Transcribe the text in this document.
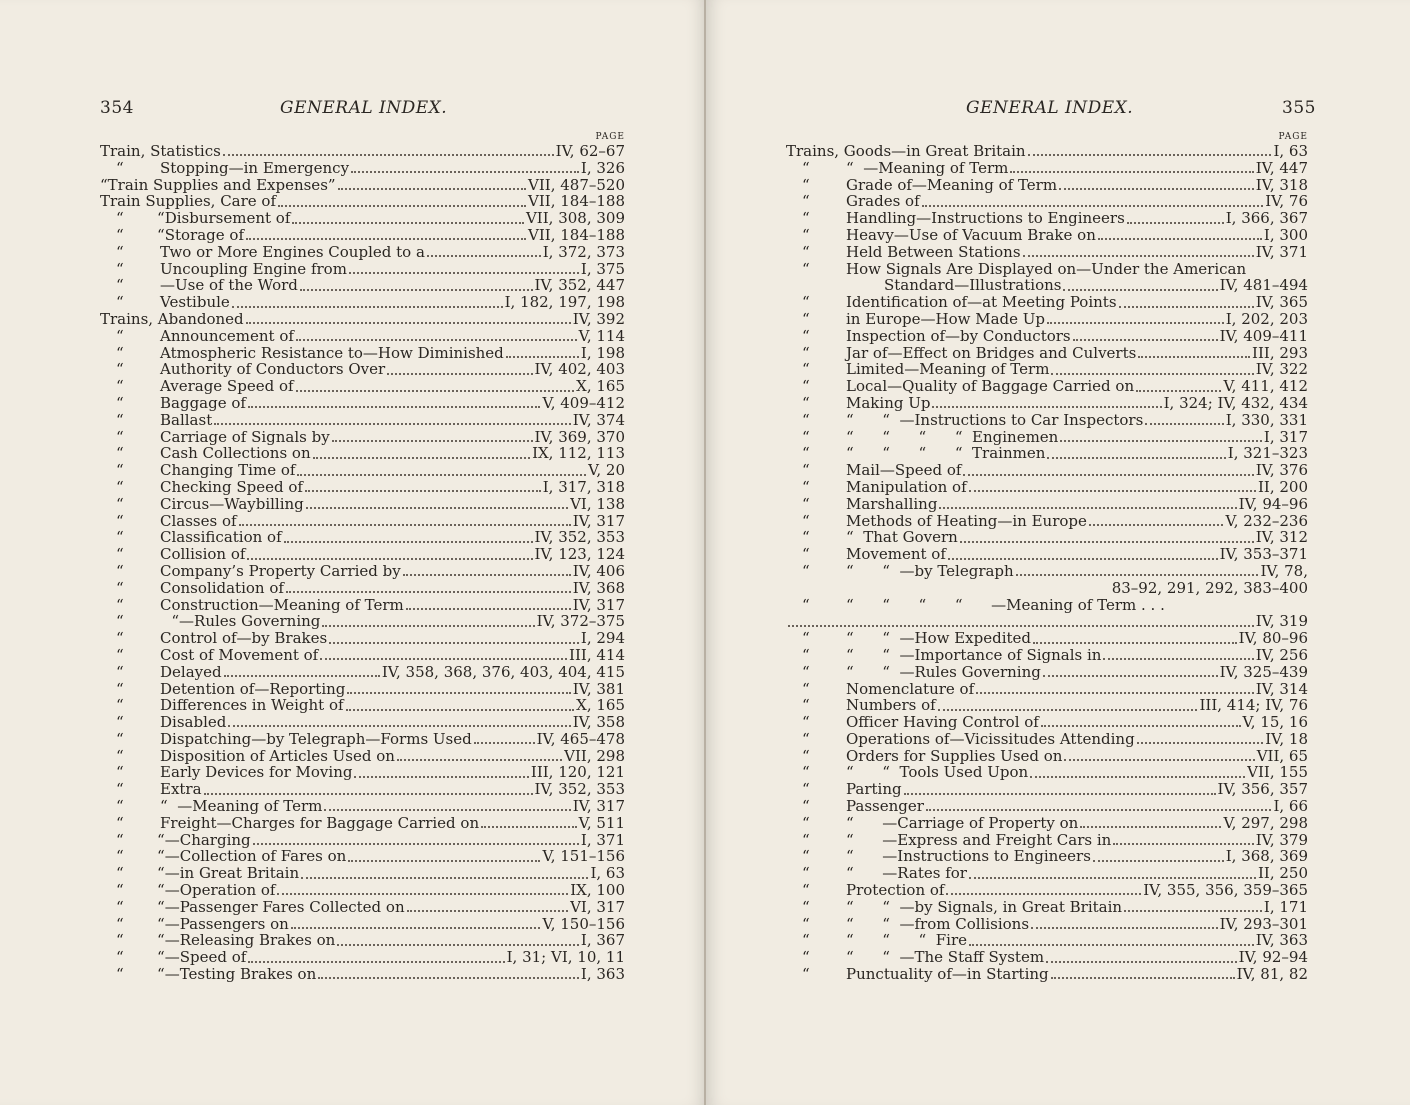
354	GENERAL INDEX.
PAGE
Train, Statistics	IV, 62–67
“	Stopping—in Emergency	I, 326
“Train Supplies and Expenses”	VII, 487–520
Train Supplies, Care of	VII, 184–188
“       “ Disbursement of	VII, 308, 309
“       “ Storage of	VII, 184–188
“	Two or More Engines Coupled to a	I, 372, 373
“	Uncoupling Engine from	I, 375
“	—Use of the Word	IV, 352, 447
“	Vestibule	I, 182, 197, 198
Trains, Abandoned	IV, 392
“	Announcement of	V, 114
“	Atmospheric Resistance to—How Diminished	I, 198
“	Authority of Conductors Over	IV, 402, 403
“	Average Speed of	X, 165
“	Baggage of	V, 409–412
“	Ballast	IV, 374
“	Carriage of Signals by	IV, 369, 370
“	Cash Collections on	IX, 112, 113
“	Changing Time of	V, 20
“	Checking Speed of	I, 317, 318
“	Circus—Waybilling	VI, 138
“	Classes of	IV, 317
“	Classification of	IV, 352, 353
“	Collision of	IV, 123, 124
“	Company’s Property Carried by	IV, 406
“	Consolidation of	IV, 368
“	Construction—Meaning of Term	IV, 317
“          “ —Rules Governing	IV, 372–375
“	Control of—by Brakes	I, 294
“	Cost of Movement of	III, 414
“	Delayed	IV, 358, 368, 376, 403, 404, 415
“	Detention of—Reporting	IV, 381
“	Differences in Weight of	X, 165
“	Disabled	IV, 358
“	Dispatching—by Telegraph—Forms Used	IV, 465–478
“	Disposition of Articles Used on	VII, 298
“	Early Devices for Moving	III, 120, 121
“	Extra	IV, 352, 353
“	“  —Meaning of Term	IV, 317
“	Freight—Charges for Baggage Carried on	V, 511
“       “ —Charging	I, 371
“       “ —Collection of Fares on	V, 151–156
“       “ —in Great Britain	I, 63
“       “ —Operation of	IX, 100
“       “ —Passenger Fares Collected on	VI, 317
“       “ —Passengers on	V, 150–156
“       “ —Releasing Brakes on	I, 367
“       “ —Speed of	I, 31; VI, 10, 11
“       “ —Testing Brakes on	I, 363
GENERAL INDEX.	355
PAGE
Trains, Goods—in Great Britain	I, 63
“	“  —Meaning of Term	IV, 447
“	Grade of—Meaning of Term	IV, 318
“	Grades of	IV, 76
“	Handling—Instructions to Engineers	I, 366, 367
“	Heavy—Use of Vacuum Brake on	I, 300
“	Held Between Stations	IV, 371
“	How Signals Are Displayed on—Under the American
Standard—Illustrations	IV, 481–494
“	Identification of—at Meeting Points	IV, 365
“	in Europe—How Made Up	I, 202, 203
“	Inspection of—by Conductors	IV, 409–411
“	Jar of—Effect on Bridges and Culverts	III, 293
“	Limited—Meaning of Term	IV, 322
“	Local—Quality of Baggage Carried on	V, 411, 412
“	Making Up	I, 324; IV, 432, 434
“	“      “  —Instructions to Car Inspectors	I, 330, 331
“	“      “      “      “  Enginemen	I, 317
“	“      “      “      “  Trainmen	I, 321–323
“	Mail—Speed of	IV, 376
“	Manipulation of	II, 200
“	Marshalling	IV, 94–96
“	Methods of Heating—in Europe	V, 232–236
“	“  That Govern	IV, 312
“	Movement of	IV, 353–371
“	“      “  —by Telegraph	IV, 78,
83–92, 291, 292, 383–400
“	“      “      “      “      —Meaning of Term . . .
IV, 319
“	“      “  —How Expedited	IV, 80–96
“	“      “  —Importance of Signals in	IV, 256
“	“      “  —Rules Governing	IV, 325–439
“	Nomenclature of	IV, 314
“	Numbers of	III, 414; IV, 76
“	Officer Having Control of	V, 15, 16
“	Operations of—Vicissitudes Attending	IV, 18
“	Orders for Supplies Used on	VII, 65
“	“      “  Tools Used Upon	VII, 155
“	Parting	IV, 356, 357
“	Passenger	I, 66
“	“      —Carriage of Property on	V, 297, 298
“	“      —Express and Freight Cars in	IV, 379
“	“      —Instructions to Engineers	I, 368, 369
“	“      —Rates for	II, 250
“	Protection of	IV, 355, 356, 359–365
“	“      “  —by Signals, in Great Britain	I, 171
“	“      “  —from Collisions	IV, 293–301
“	“      “      “  Fire	IV, 363
“	“      “  —The Staff System	IV, 92–94
“	Punctuality of—in Starting	IV, 81, 82
